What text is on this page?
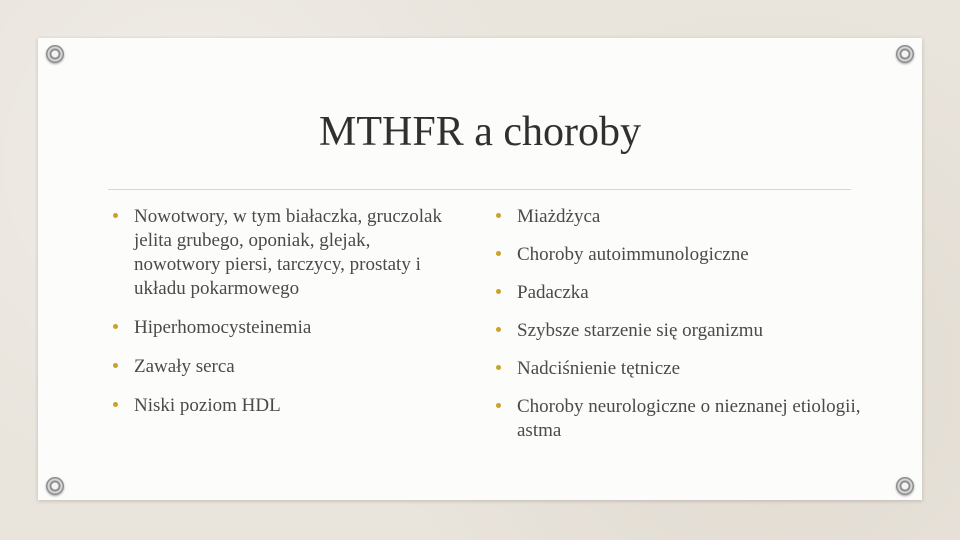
MTHFR a choroby
Nowotwory, w tym białaczka, gruczolak jelita grubego, oponiak, glejak, nowotwory piersi, tarczycy, prostaty i układu pokarmowego
Hiperhomocysteinemia
Zawały serca
Niski poziom HDL
Miażdżyca
Choroby autoimmunologiczne
Padaczka
Szybsze starzenie się organizmu
Nadciśnienie tętnicze
Choroby neurologiczne o nieznanej etiologii, astma
